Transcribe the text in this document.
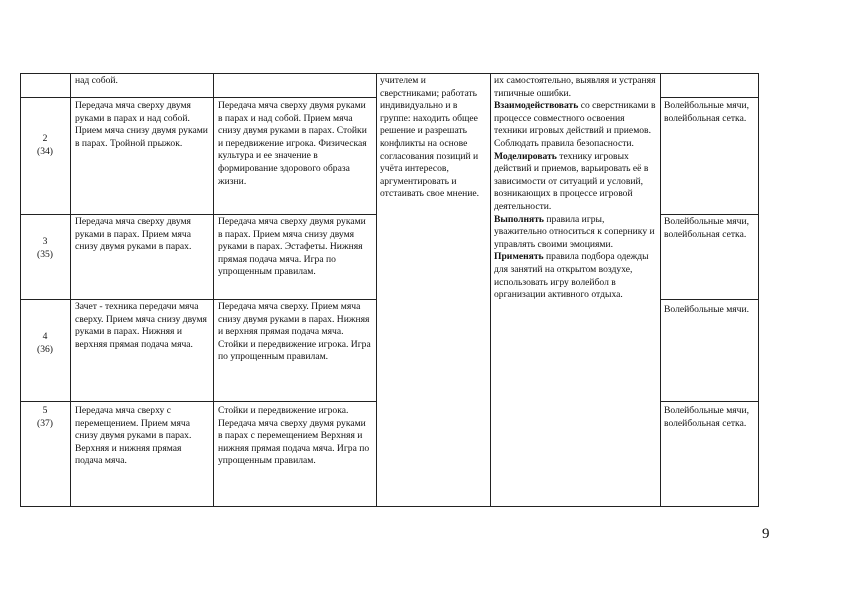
над собой.
2
(34)
Передача мяча сверху двумя руками в парах и над собой. Прием мяча снизу двумя руками в парах. Тройной прыжок.
Передача мяча сверху двумя руками в парах и над собой. Прием мяча снизу двумя руками в парах. Стойки и передвижение игрока. Физическая культура и ее значение в формирование здорового образа жизни.
Волейбольные мячи, волейбольная сетка.
3
(35)
Передача мяча сверху двумя руками в парах. Прием мяча снизу двумя руками в парах.
Передача мяча сверху двумя руками в парах. Прием мяча снизу двумя руками в парах. Эстафеты. Нижняя прямая подача мяча. Игра по упрощенным правилам.
Волейбольные мячи, волейбольная сетка.
4
(36)
Зачет - техника передачи мяча сверху. Прием мяча снизу двумя руками в парах. Нижняя и верхняя прямая подача мяча.
Передача мяча сверху. Прием мяча снизу двумя руками в парах. Нижняя и верхняя прямая подача мяча. Стойки и передвижение игрока. Игра по упрощенным правилам.
Волейбольные мячи.
5
(37)
Передача мяча сверху с перемещением. Прием мяча снизу двумя руками в парах. Верхняя и нижняя прямая подача мяча.
Стойки и передвижение игрока. Передача мяча сверху двумя руками в парах с перемещением Верхняя и нижняя прямая подача мяча. Игра по упрощенным правилам.
Волейбольные мячи, волейбольная сетка.
учителем и сверстниками; работать индивидуально и в группе: находить общее решение и разрешать конфликты на основе согласования позиций и учёта интересов, аргументировать и отстаивать свое мнение.
их самостоятельно, выявляя и устраняя типичные ошибки.
Взаимодействовать со сверстниками в процессе совместного освоения техники игровых действий и приемов. Соблюдать правила безопасности.
Моделировать технику игровых действий и приемов, варьировать её в зависимости от ситуаций и условий, возникающих в процессе игровой деятельности.
Выполнять правила игры, уважительно относиться к сопернику и управлять своими эмоциями.
Применять правила подбора одежды для занятий на открытом воздухе, использовать игру волейбол в организации активного отдыха.
9
